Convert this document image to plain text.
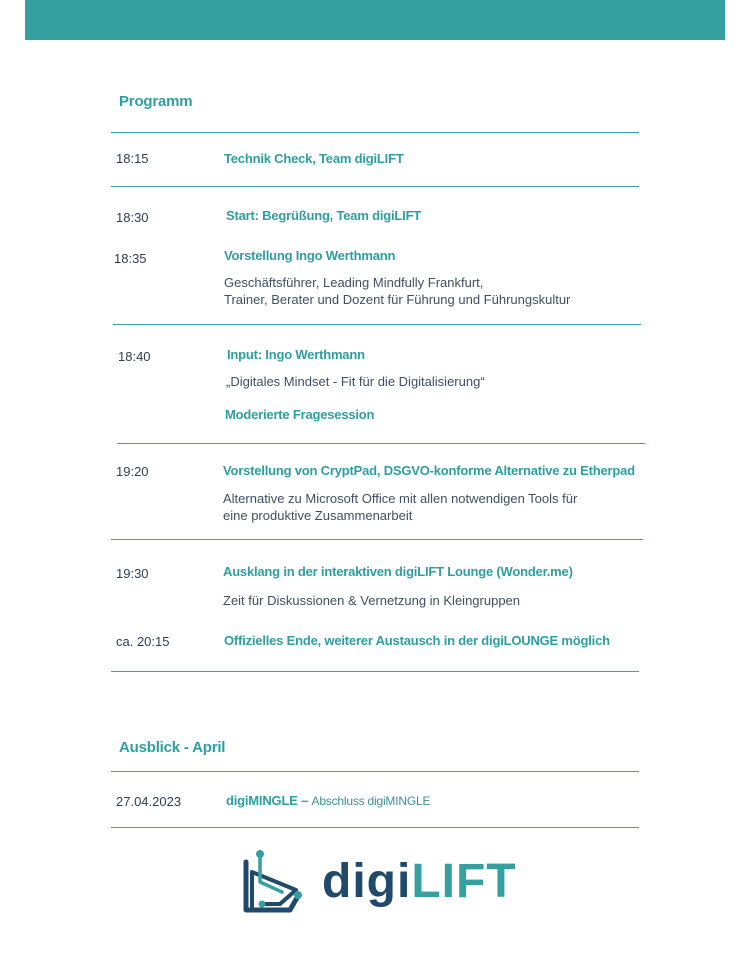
Programm
18:15	Technik Check, Team digiLIFT
18:30	Start: Begrüßung, Team digiLIFT
18:35	Vorstellung Ingo Werthmann
Geschäftsführer, Leading Mindfully Frankfurt,
Trainer, Berater und Dozent für Führung und Führungskultur
18:40	Input: Ingo Werthmann
„Digitales Mindset - Fit für die Digitalisierung“
Moderierte Fragesession
19:20	Vorstellung von CryptPad, DSGVO-konforme Alternative zu Etherpad
Alternative zu Microsoft Office mit allen notwendigen Tools für
eine produktive Zusammenarbeit
19:30	Ausklang in der interaktiven digiLIFT Lounge (Wonder.me)
Zeit für Diskussionen & Vernetzung in Kleingruppen
ca. 20:15	Offizielles Ende, weiterer Austausch in der digiLOUNGE möglich
Ausblick - April
27.04.2023	digiMINGLE – Abschluss digiMINGLE
digiLIFT
